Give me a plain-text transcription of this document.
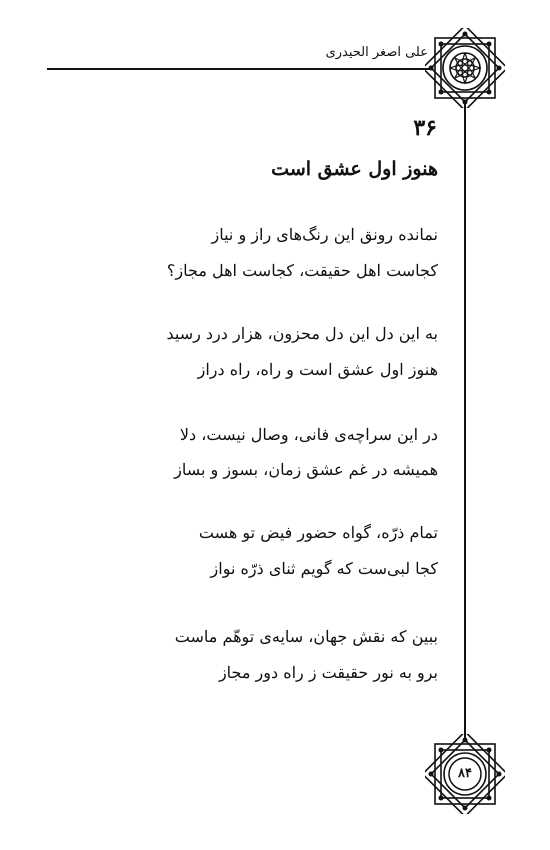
علی اصغر الحیدری
۳۶
هنوز اول عشق است
نمانده رونق این رنگ‌های راز و نیاز
کجاست اهل حقیقت، کجاست اهل مجاز؟
به این دل این دل محزون، هزار درد رسید
هنوز اول عشق است و راه، راه دراز
در این سراچه‌ی فانی، وصال نیست، دلا
همیشه در غم عشق زمان، بسوز و بساز
تمام ذرّه، گواه حضور فیض تو هست
کجا لبی‌ست که گویم ثنای ذرّه نواز
ببین که نقش جهان، سایه‌ی توهّم ماست
برو به نور حقیقت ز راه دور مجاز
۸۴
